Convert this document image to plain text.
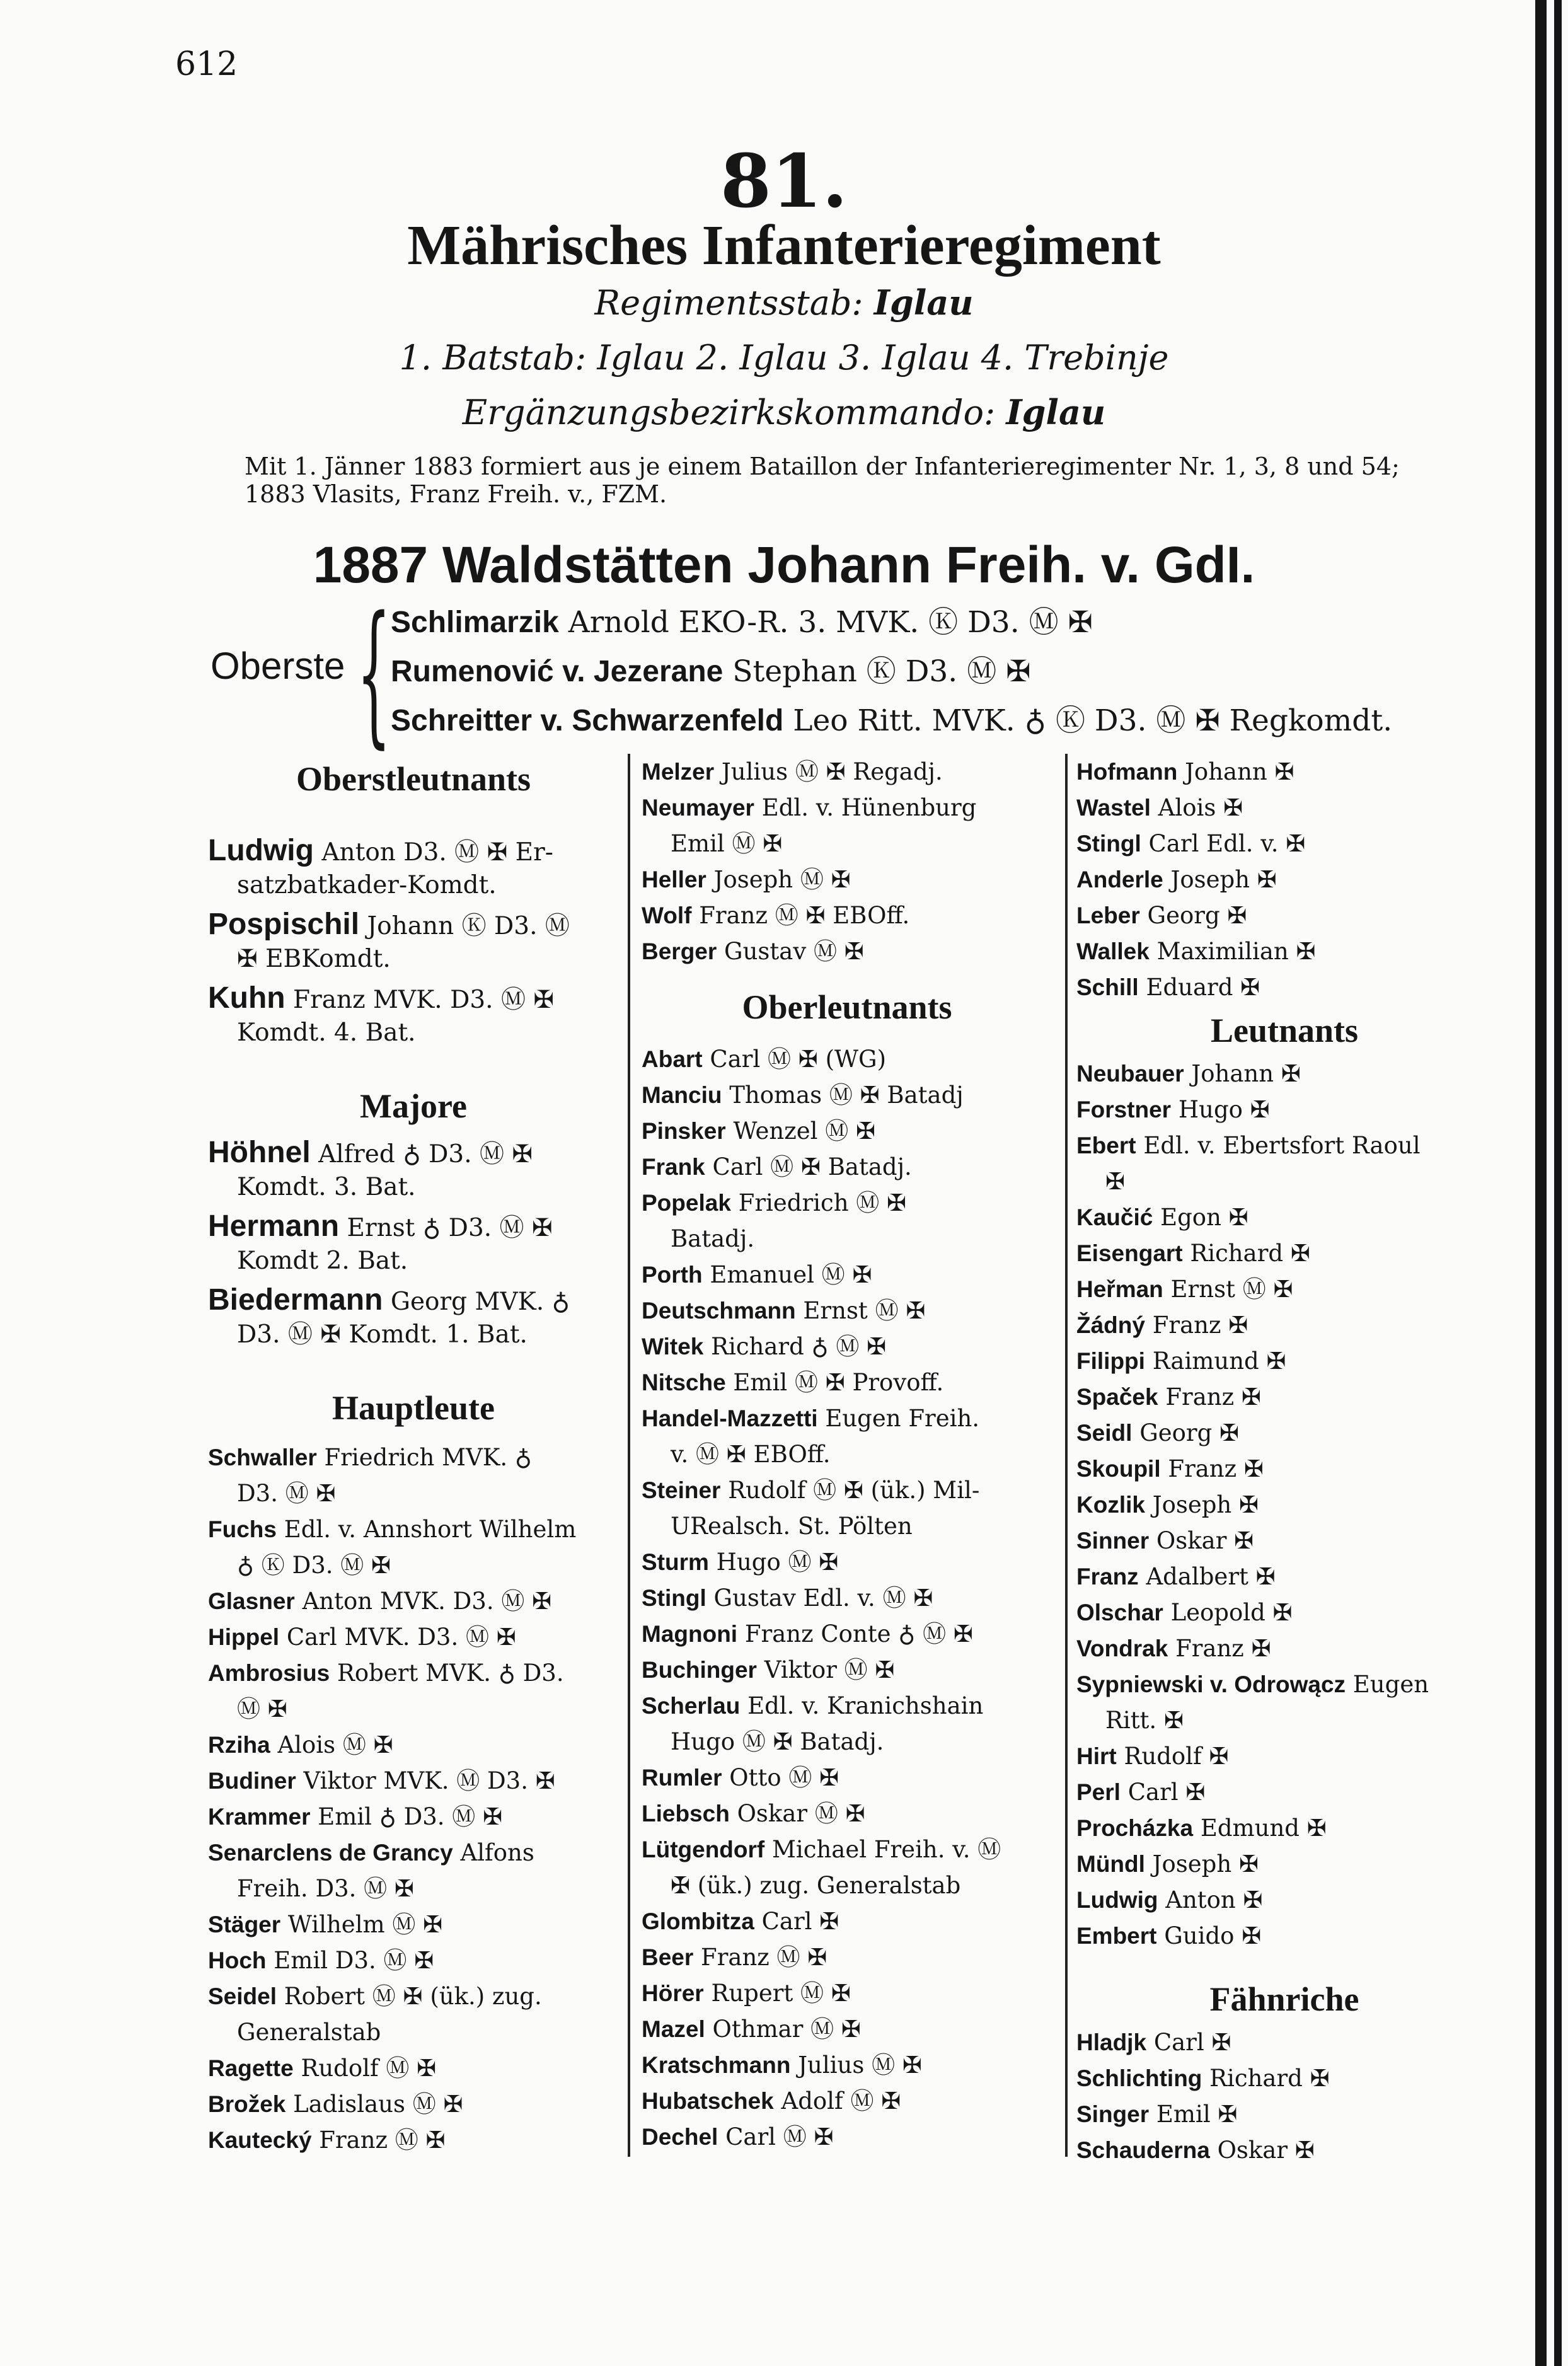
612
81.
Mährisches Infanterieregiment
Regimentsstab: Iglau
1. Batstab: Iglau 2. Iglau 3. Iglau 4. Trebinje
Ergänzungsbezirkskommando: Iglau
Mit 1. Jänner 1883 formiert aus je einem Bataillon der Infanterieregimenter Nr. 1, 3, 8 und 54;
1883 Vlasits, Franz Freih. v., FZM.
1887 Waldstätten Johann Freih. v. GdI.
Oberste { Schlimarzik Arnold EKO-R. 3. MVK. Ⓚ D3. Ⓜ ✠
Rumenović v. Jezerane Stephan Ⓚ D3. Ⓜ ✠
Schreitter v. Schwarzenfeld Leo Ritt. MVK. ♁ Ⓚ D3. Ⓜ ✠ Regkomdt.
Oberstleutnants
Ludwig Anton D3. Ⓜ ✠ Er-
satzbatkader-Komdt.
Pospischil Johann Ⓚ D3. Ⓜ
✠ EBKomdt.
Kuhn Franz MVK. D3. Ⓜ ✠
Komdt. 4. Bat.
Majore
Höhnel Alfred ♁ D3. Ⓜ ✠
Komdt. 3. Bat.
Hermann Ernst ♁ D3. Ⓜ ✠
Komdt 2. Bat.
Biedermann Georg MVK. ♁
D3. Ⓜ ✠ Komdt. 1. Bat.
Hauptleute
Schwaller Friedrich MVK. ♁
D3. Ⓜ ✠
Fuchs Edl. v. Annshort Wilhelm
♁ Ⓚ D3. Ⓜ ✠
Glasner Anton MVK. D3. Ⓜ ✠
Hippel Carl MVK. D3. Ⓜ ✠
Ambrosius Robert MVK. ♁ D3.
Ⓜ ✠
Rziha Alois Ⓜ ✠
Budiner Viktor MVK. Ⓜ D3. ✠
Krammer Emil ♁ D3. Ⓜ ✠
Senarclens de Grancy Alfons
Freih. D3. Ⓜ ✠
Stäger Wilhelm Ⓜ ✠
Hoch Emil D3. Ⓜ ✠
Seidel Robert Ⓜ ✠ (ük.) zug.
Generalstab
Ragette Rudolf Ⓜ ✠
Brožek Ladislaus Ⓜ ✠
Kautecký Franz Ⓜ ✠
Melzer Julius Ⓜ ✠ Regadj.
Neumayer Edl. v. Hünenburg
Emil Ⓜ ✠
Heller Joseph Ⓜ ✠
Wolf Franz Ⓜ ✠ EBOff.
Berger Gustav Ⓜ ✠
Oberleutnants
Abart Carl Ⓜ ✠ (WG)
Manciu Thomas Ⓜ ✠ Batadj
Pinsker Wenzel Ⓜ ✠
Frank Carl Ⓜ ✠ Batadj.
Popelak Friedrich Ⓜ ✠
Batadj.
Porth Emanuel Ⓜ ✠
Deutschmann Ernst Ⓜ ✠
Witek Richard ♁ Ⓜ ✠
Nitsche Emil Ⓜ ✠ Provoff.
Handel-Mazzetti Eugen Freih.
v. Ⓜ ✠ EBOff.
Steiner Rudolf Ⓜ ✠ (ük.) Mil-
URealsch. St. Pölten
Sturm Hugo Ⓜ ✠
Stingl Gustav Edl. v. Ⓜ ✠
Magnoni Franz Conte ♁ Ⓜ ✠
Buchinger Viktor Ⓜ ✠
Scherlau Edl. v. Kranichshain
Hugo Ⓜ ✠ Batadj.
Rumler Otto Ⓜ ✠
Liebsch Oskar Ⓜ ✠
Lütgendorf Michael Freih. v. Ⓜ
✠ (ük.) zug. Generalstab
Glombitza Carl ✠
Beer Franz Ⓜ ✠
Hörer Rupert Ⓜ ✠
Mazel Othmar Ⓜ ✠
Kratschmann Julius Ⓜ ✠
Hubatschek Adolf Ⓜ ✠
Dechel Carl Ⓜ ✠
Hofmann Johann ✠
Wastel Alois ✠
Stingl Carl Edl. v. ✠
Anderle Joseph ✠
Leber Georg ✠
Wallek Maximilian ✠
Schill Eduard ✠
Leutnants
Neubauer Johann ✠
Forstner Hugo ✠
Ebert Edl. v. Ebertsfort Raoul
✠
Kaučić Egon ✠
Eisengart Richard ✠
Heřman Ernst Ⓜ ✠
Žádný Franz ✠
Filippi Raimund ✠
Spaček Franz ✠
Seidl Georg ✠
Skoupil Franz ✠
Kozlik Joseph ✠
Sinner Oskar ✠
Franz Adalbert ✠
Olschar Leopold ✠
Vondrak Franz ✠
Sypniewski v. Odrowącz Eugen
Ritt. ✠
Hirt Rudolf ✠
Perl Carl ✠
Procházka Edmund ✠
Mündl Joseph ✠
Ludwig Anton ✠
Embert Guido ✠
Fähnriche
Hladjk Carl ✠
Schlichting Richard ✠
Singer Emil ✠
Schauderna Oskar ✠
